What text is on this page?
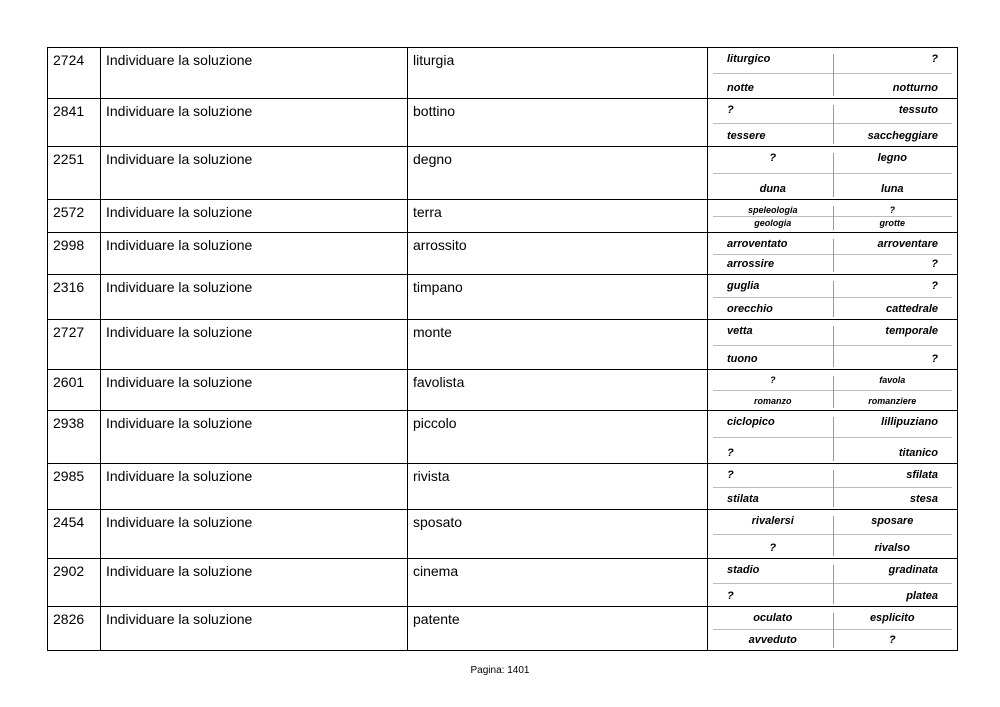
2724	Individuare la soluzione	liturgia	liturgico ?
notte notturno

2841	Individuare la soluzione	bottino	? tessuto
tessere saccheggiare

2251	Individuare la soluzione	degno	? legno
duna luna

2572	Individuare la soluzione	terra	speleologia ?
geologia grotte

2998	Individuare la soluzione	arrossito	arroventato arroventare
arrossire ?

2316	Individuare la soluzione	timpano	guglia ?
orecchio cattedrale

2727	Individuare la soluzione	monte	vetta temporale
tuono ?

2601	Individuare la soluzione	favolista	? favola
romanzo romanziere

2938	Individuare la soluzione	piccolo	ciclopico lillipuziano
? titanico

2985	Individuare la soluzione	rivista	? sfilata
stilata stesa

2454	Individuare la soluzione	sposato	rivalersi sposare
? rivalso

2902	Individuare la soluzione	cinema	stadio gradinata
? platea

2826	Individuare la soluzione	patente	oculato esplicito
avveduto ?
Pagina: 1401
